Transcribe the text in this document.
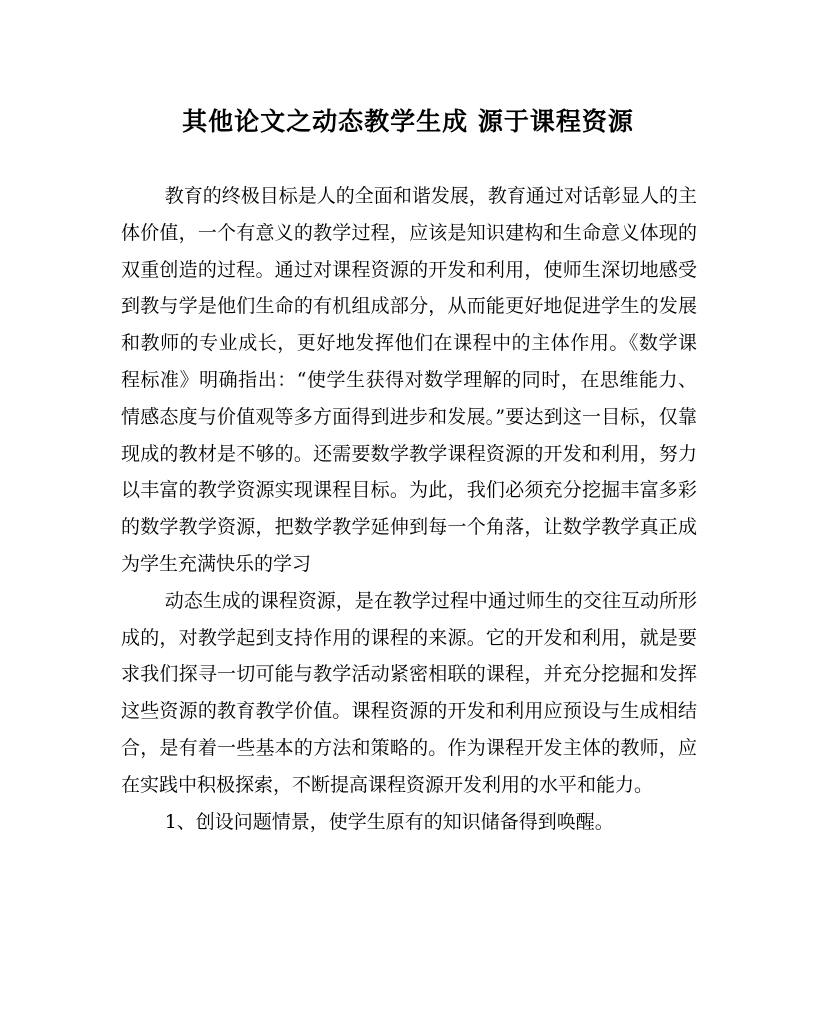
其他论文之动态教学生成 源于课程资源

教育的终极目标是人的全面和谐发展，教育通过对话彰显人的主体价值，一个有意义的教学过程，应该是知识建构和生命意义体现的双重创造的过程。通过对课程资源的开发和利用，使师生深切地感受到教与学是他们生命的有机组成部分，从而能更好地促进学生的发展和教师的专业成长，更好地发挥他们在课程中的主体作用。《数学课程标准》明确指出：“使学生获得对数学理解的同时，在思维能力、情感态度与价值观等多方面得到进步和发展。”要达到这一目标，仅靠现成的教材是不够的。还需要数学教学课程资源的开发和利用，努力以丰富的教学资源实现课程目标。为此，我们必须充分挖掘丰富多彩的数学教学资源，把数学教学延伸到每一个角落，让数学教学真正成为学生充满快乐的学习

动态生成的课程资源，是在教学过程中通过师生的交往互动所形成的，对教学起到支持作用的课程的来源。它的开发和利用，就是要求我们探寻一切可能与教学活动紧密相联的课程，并充分挖掘和发挥这些资源的教育教学价值。课程资源的开发和利用应预设与生成相结合，是有着一些基本的方法和策略的。作为课程开发主体的教师，应在实践中积极探索，不断提高课程资源开发利用的水平和能力。

1、创设问题情景，使学生原有的知识储备得到唤醒。
